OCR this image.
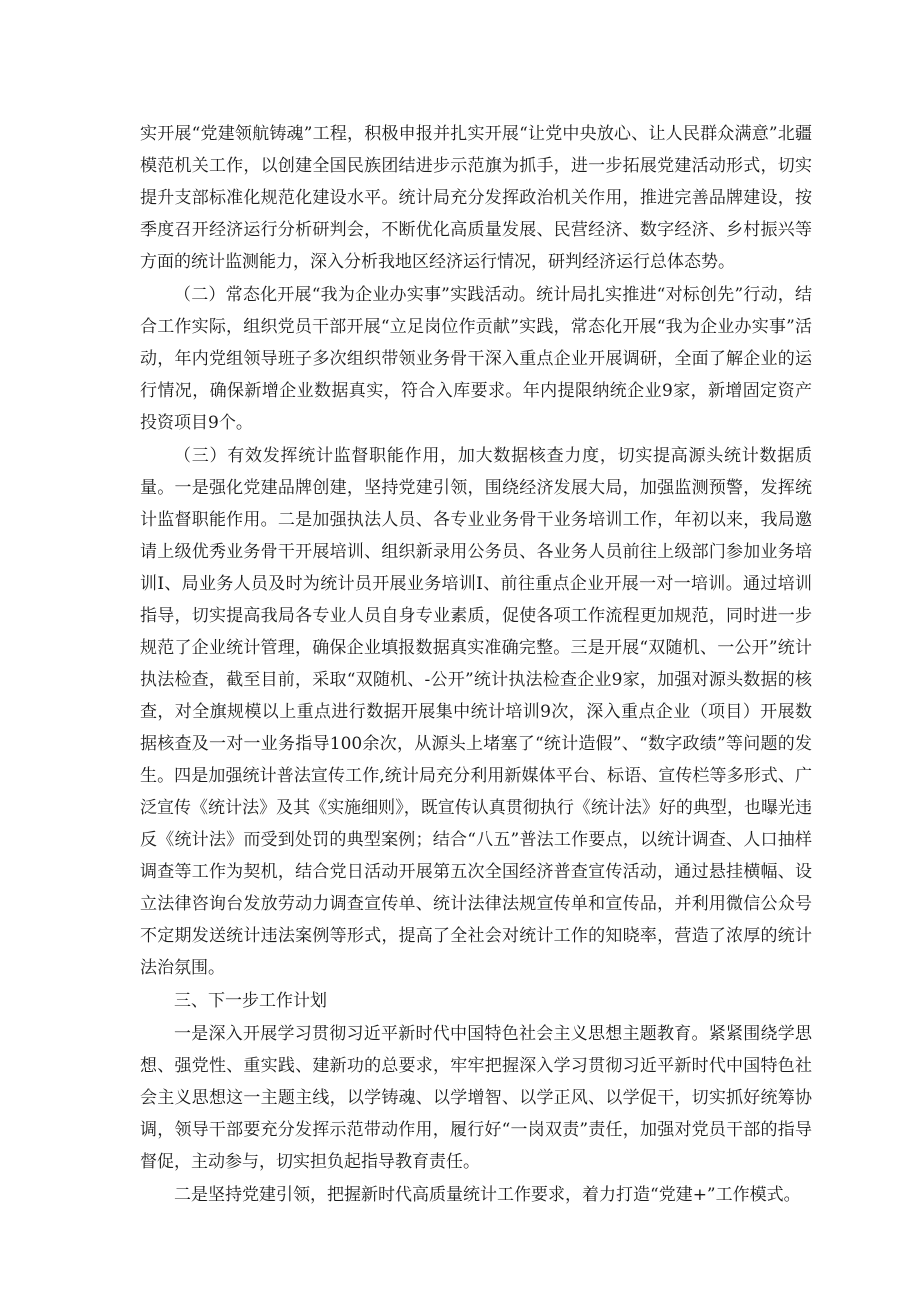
实开展“党建领航铸魂”工程，积极申报并扎实开展“让党中央放心、让人民群众满意”北疆模范机关工作，以创建全国民族团结进步示范旗为抓手，进一步拓展党建活动形式，切实提升支部标准化规范化建设水平。统计局充分发挥政治机关作用，推进完善品牌建设，按季度召开经济运行分析研判会，不断优化高质量发展、民营经济、数字经济、乡村振兴等方面的统计监测能力，深入分析我地区经济运行情况，研判经济运行总体态势。

（二）常态化开展“我为企业办实事”实践活动。统计局扎实推进“对标创先”行动，结合工作实际，组织党员干部开展“立足岗位作贡献”实践，常态化开展“我为企业办实事”活动，年内党组领导班子多次组织带领业务骨干深入重点企业开展调研，全面了解企业的运行情况，确保新增企业数据真实，符合入库要求。年内提限纳统企业9家，新增固定资产投资项目9个。

（三）有效发挥统计监督职能作用，加大数据核查力度，切实提高源头统计数据质量。一是强化党建品牌创建，坚持党建引领，围绕经济发展大局，加强监测预警，发挥统计监督职能作用。二是加强执法人员、各专业业务骨干业务培训工作，年初以来，我局邀请上级优秀业务骨干开展培训、组织新录用公务员、各业务人员前往上级部门参加业务培训I、局业务人员及时为统计员开展业务培训I、前往重点企业开展一对一培训。通过培训指导，切实提高我局各专业人员自身专业素质，促使各项工作流程更加规范，同时进一步规范了企业统计管理，确保企业填报数据真实准确完整。三是开展“双随机、一公开”统计执法检查，截至目前，采取“双随机、-公开”统计执法检查企业9家，加强对源头数据的核查，对全旗规模以上重点进行数据开展集中统计培训9次，深入重点企业（项目）开展数据核查及一对一业务指导100余次，从源头上堵塞了“统计造假”、“数字政绩”等问题的发生。四是加强统计普法宣传工作,统计局充分利用新媒体平台、标语、宣传栏等多形式、广泛宣传《统计法》及其《实施细则》，既宣传认真贯彻执行《统计法》好的典型，也曝光违反《统计法》而受到处罚的典型案例；结合“八五”普法工作要点，以统计调查、人口抽样调查等工作为契机，结合党日活动开展第五次全国经济普查宣传活动，通过悬挂横幅、设立法律咨询台发放劳动力调查宣传单、统计法律法规宣传单和宣传品，并利用微信公众号不定期发送统计违法案例等形式，提高了全社会对统计工作的知晓率，营造了浓厚的统计法治氛围。

三、下一步工作计划

一是深入开展学习贯彻习近平新时代中国特色社会主义思想主题教育。紧紧围绕学思想、强党性、重实践、建新功的总要求，牢牢把握深入学习贯彻习近平新时代中国特色社会主义思想这一主题主线，以学铸魂、以学增智、以学正风、以学促干，切实抓好统筹协调，领导干部要充分发挥示范带动作用，履行好“一岗双责”责任，加强对党员干部的指导督促，主动参与，切实担负起指导教育责任。

二是坚持党建引领，把握新时代高质量统计工作要求，着力打造“党建+”工作模式。
